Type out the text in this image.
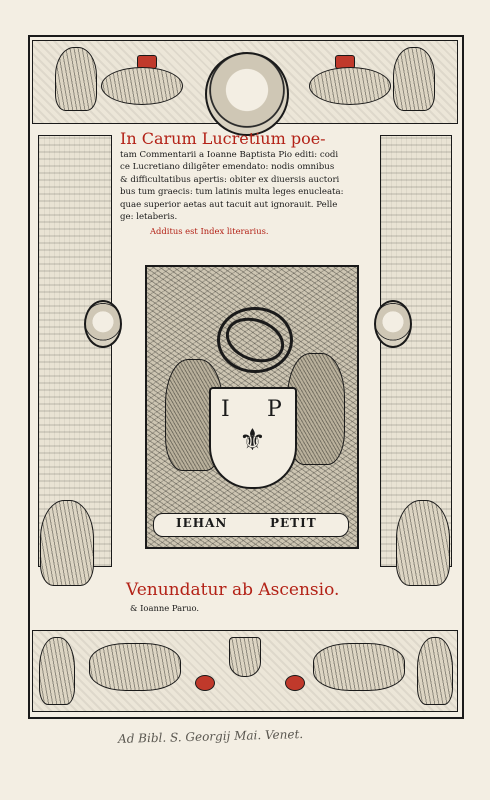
In Carum Lucretium poe-
tam Commentarii a Ioanne Baptista Pio editi: codi
ce Lucretiano diligēter emendato: nodis omnibus
& difficultatibus apertis: obiter ex diuersis auctori
bus tum graecis: tum latinis multa leges enucleata:
quae superior aetas aut tacuit aut ignorauit. Pelle
ge: letaberis.
Additus est Index literarius.
I
⚜
P
IEHAN	PETIT
Venundatur ab Ascensio.
& Ioanne Paruo.
Ad Bibl. S. Georgij Mai. Venet.
